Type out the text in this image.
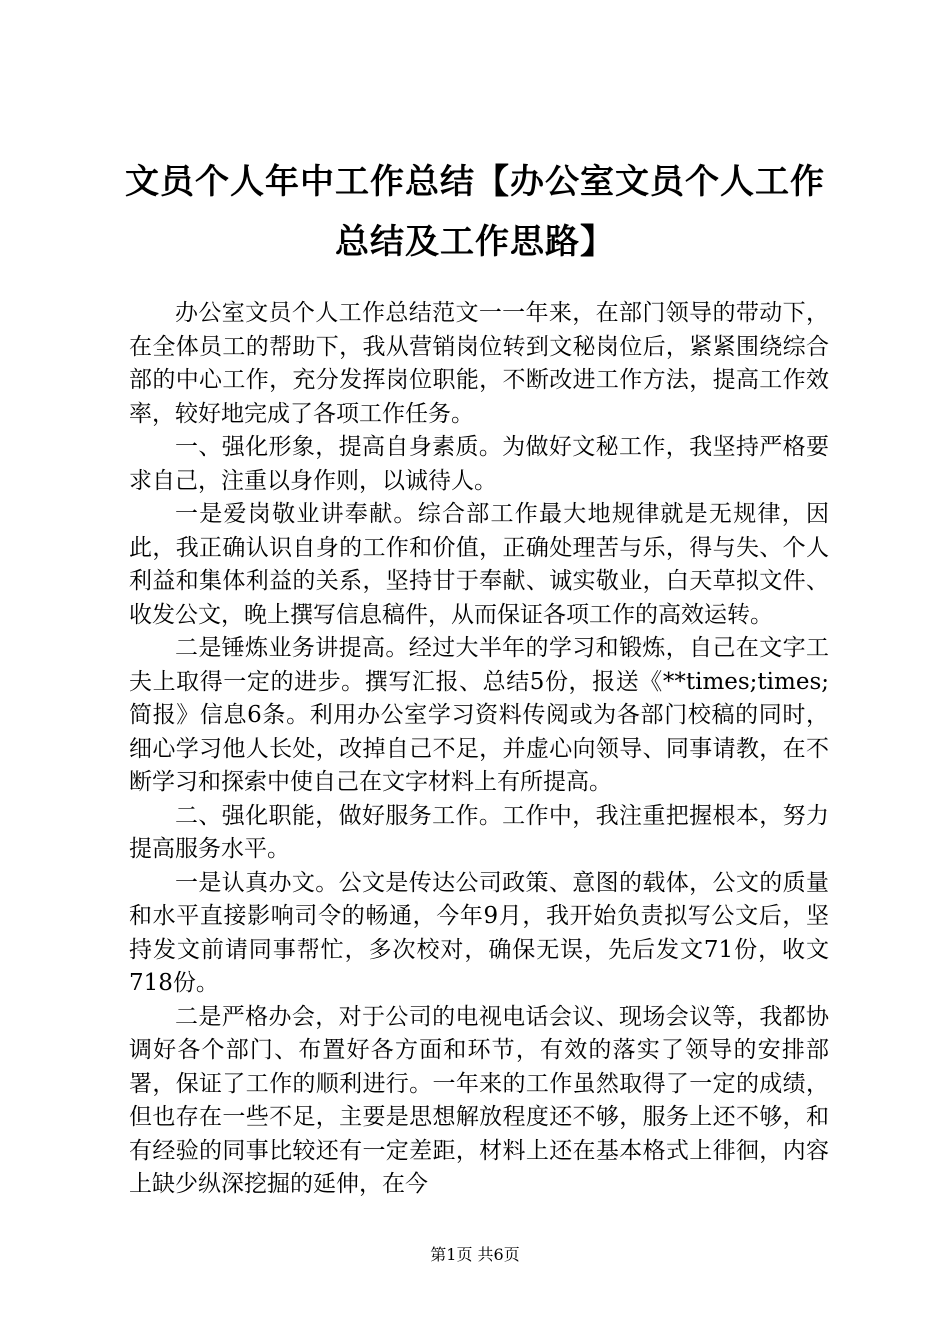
文员个人年中工作总结【办公室文员个人工作
总结及工作思路】

办公室文员个人工作总结范文一一年来，在部门领导的带动下，在全体员工的帮助下，我从营销岗位转到文秘岗位后，紧紧围绕综合部的中心工作，充分发挥岗位职能，不断改进工作方法，提高工作效率，较好地完成了各项工作任务。

一、强化形象，提高自身素质。为做好文秘工作，我坚持严格要求自己，注重以身作则，以诚待人。

一是爱岗敬业讲奉献。综合部工作最大地规律就是无规律，因此，我正确认识自身的工作和价值，正确处理苦与乐，得与失、个人利益和集体利益的关系，坚持甘于奉献、诚实敬业，白天草拟文件、收发公文，晚上撰写信息稿件，从而保证各项工作的高效运转。

二是锤炼业务讲提高。经过大半年的学习和锻炼，自己在文字工夫上取得一定的进步。撰写汇报、总结5份，报送《**times;times;简报》信息6条。利用办公室学习资料传阅或为各部门校稿的同时，细心学习他人长处，改掉自己不足，并虚心向领导、同事请教，在不断学习和探索中使自己在文字材料上有所提高。

二、强化职能，做好服务工作。工作中，我注重把握根本，努力提高服务水平。

一是认真办文。公文是传达公司政策、意图的载体，公文的质量和水平直接影响司令的畅通，今年9月，我开始负责拟写公文后，坚持发文前请同事帮忙，多次校对，确保无误，先后发文71份，收文718份。

二是严格办会，对于公司的电视电话会议、现场会议等，我都协调好各个部门、布置好各方面和环节，有效的落实了领导的安排部署，保证了工作的顺利进行。一年来的工作虽然取得了一定的成绩，但也存在一些不足，主要是思想解放程度还不够，服务上还不够，和有经验的同事比较还有一定差距，材料上还在基本格式上徘徊，内容上缺少纵深挖掘的延伸，在今

第1页 共6页
